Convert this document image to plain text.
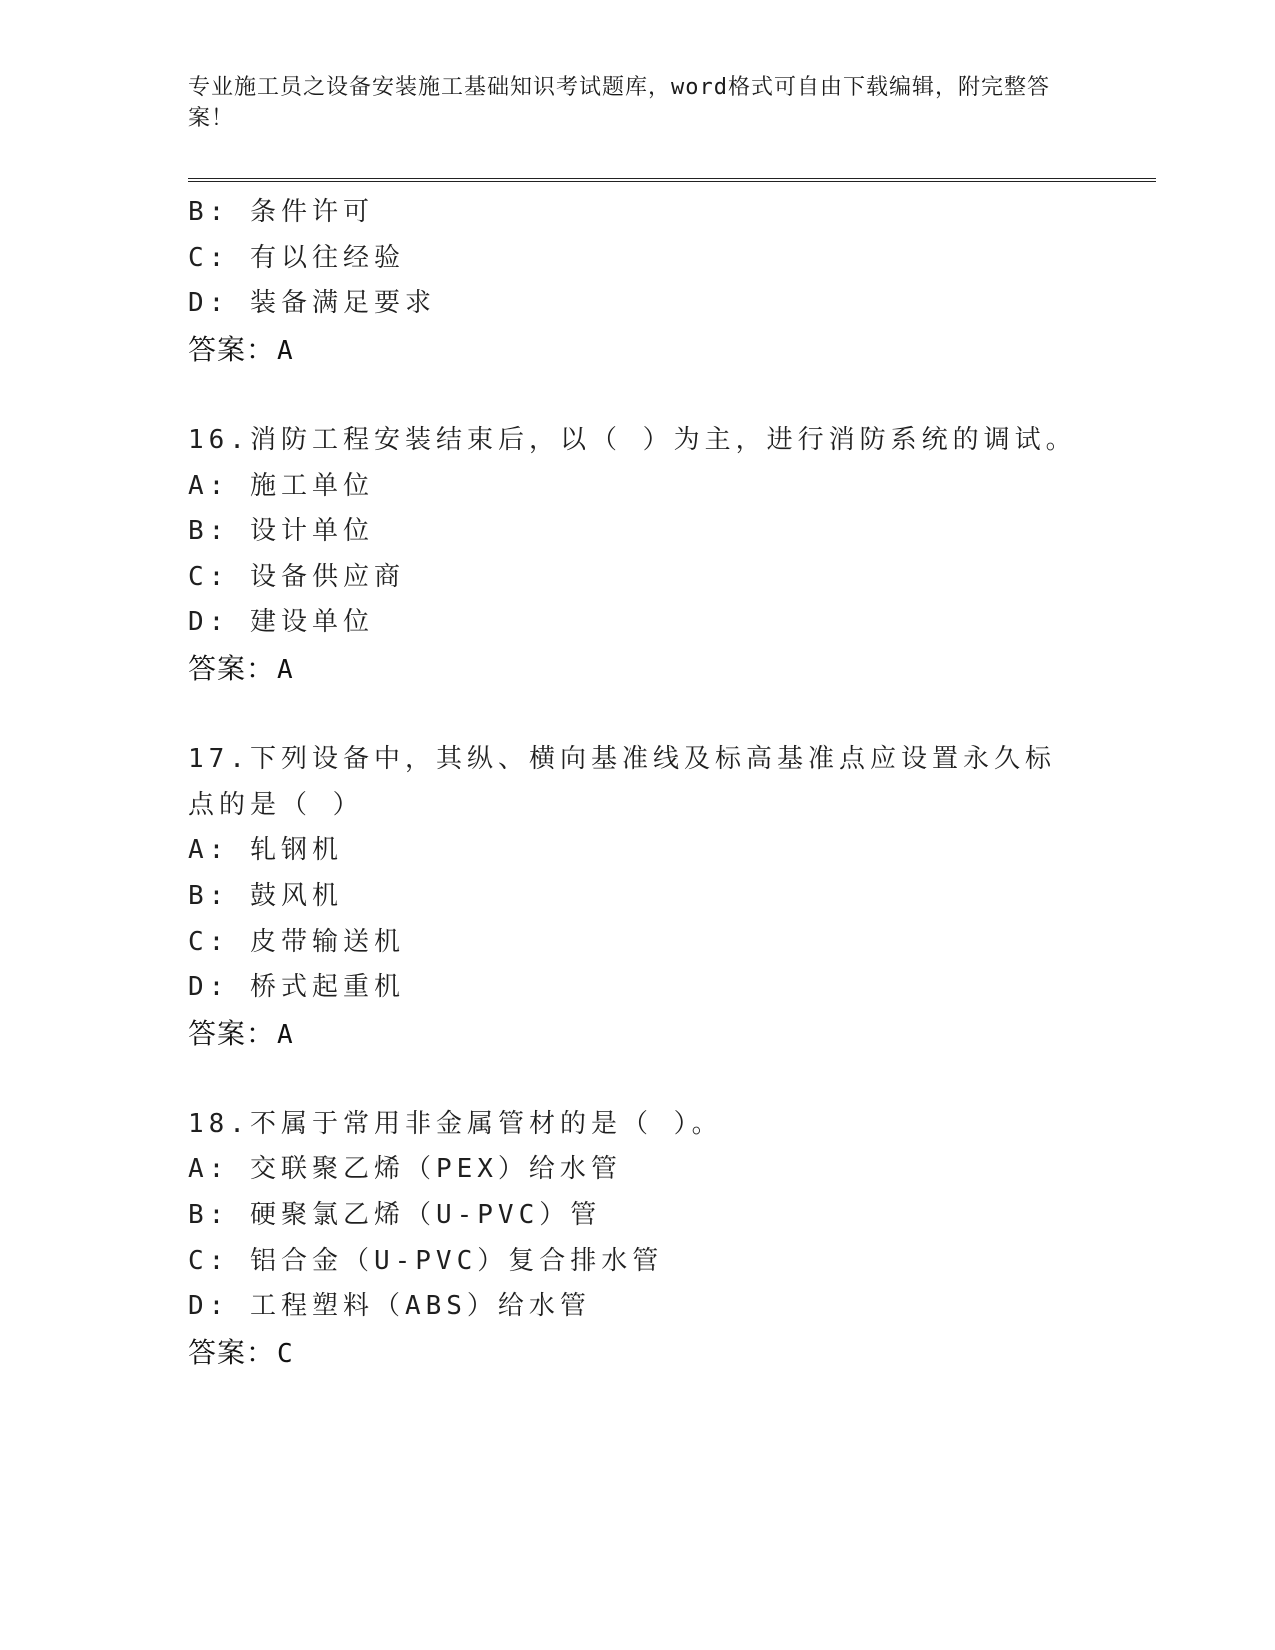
专业施工员之设备安装施工基础知识考试题库，word格式可自由下载编辑，附完整答案！
B: 条件许可
C: 有以往经验
D: 装备满足要求
答案：A
16.消防工程安装结束后，以（ ）为主，进行消防系统的调试。
A: 施工单位
B: 设计单位
C: 设备供应商
D: 建设单位
答案：A
17.下列设备中，其纵、横向基准线及标高基准点应设置永久标点的是（ ）
A: 轧钢机
B: 鼓风机
C: 皮带输送机
D: 桥式起重机
答案：A
18.不属于常用非金属管材的是（ ）。
A: 交联聚乙烯（PEX）给水管
B: 硬聚氯乙烯（U-PVC）管
C: 铝合金（U-PVC）复合排水管
D: 工程塑料（ABS）给水管
答案：C
